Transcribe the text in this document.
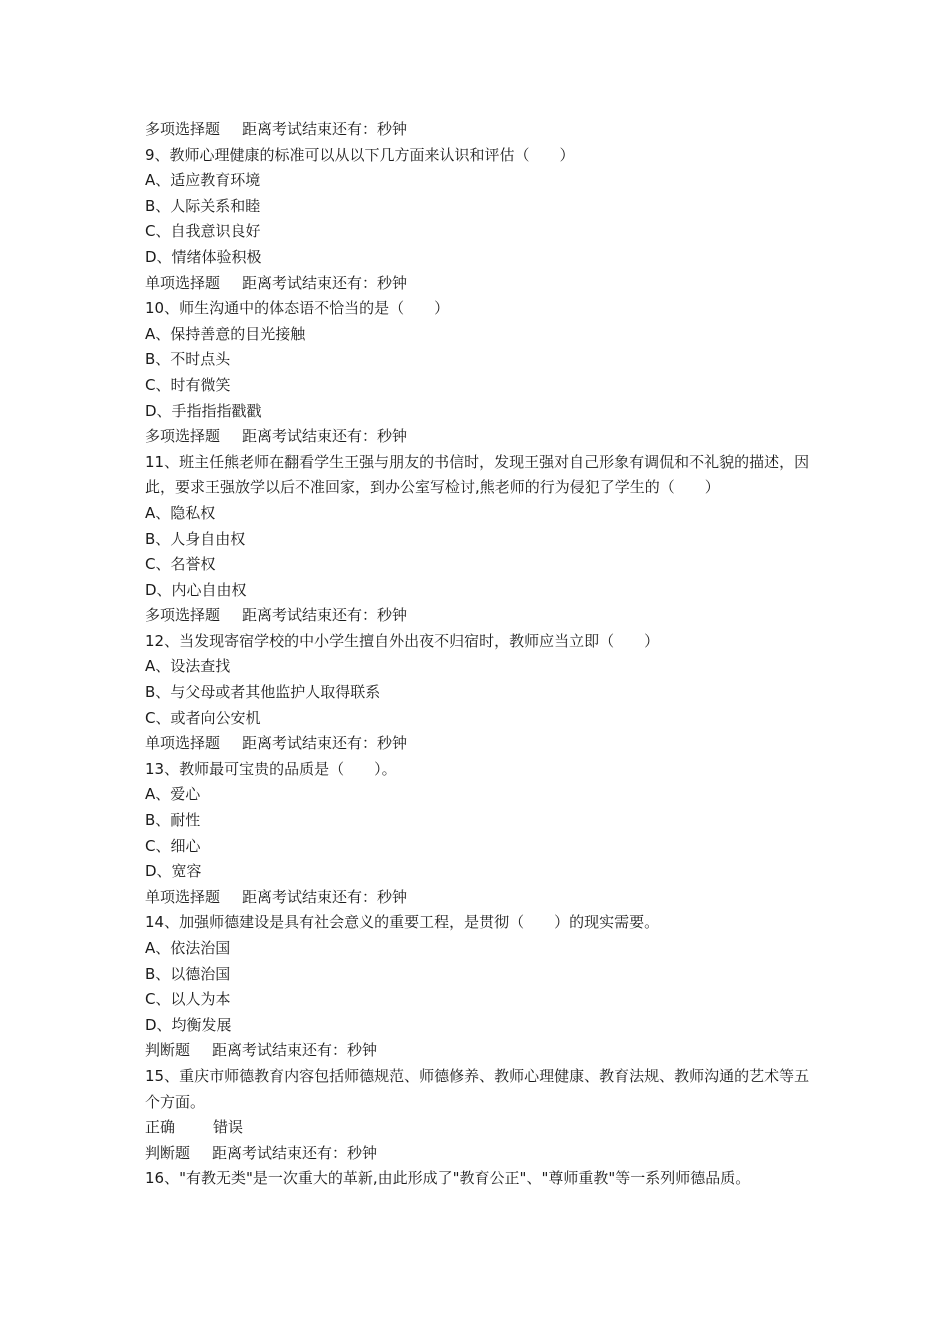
多项选择题 距离考试结束还有：秒钟
9、教师心理健康的标准可以从以下几方面来认识和评估（　　）
A、适应教育环境
B、人际关系和睦
C、自我意识良好
D、情绪体验积极
单项选择题 距离考试结束还有：秒钟
10、师生沟通中的体态语不恰当的是（　　）
A、保持善意的目光接触
B、不时点头
C、时有微笑
D、手指指指戳戳
多项选择题 距离考试结束还有：秒钟
11、班主任熊老师在翻看学生王强与朋友的书信时，发现王强对自己形象有调侃和不礼貌的描述，因此，要求王强放学以后不准回家，到办公室写检讨,熊老师的行为侵犯了学生的（　　）
A、隐私权
B、人身自由权
C、名誉权
D、内心自由权
多项选择题 距离考试结束还有：秒钟
12、当发现寄宿学校的中小学生擅自外出夜不归宿时，教师应当立即（　　）
A、设法查找
B、与父母或者其他监护人取得联系
C、或者向公安机
单项选择题 距离考试结束还有：秒钟
13、教师最可宝贵的品质是（　　）。
A、爱心
B、耐性
C、细心
D、宽容
单项选择题 距离考试结束还有：秒钟
14、加强师德建设是具有社会意义的重要工程，是贯彻（　　）的现实需要。
A、依法治国
B、以德治国
C、以人为本
D、均衡发展
判断题 距离考试结束还有：秒钟
15、重庆市师德教育内容包括师德规范、师德修养、教师心理健康、教育法规、教师沟通的艺术等五个方面。
正确	错误
判断题 距离考试结束还有：秒钟
16、"有教无类"是一次重大的革新,由此形成了"教育公正"、"尊师重教"等一系列师德品质。
